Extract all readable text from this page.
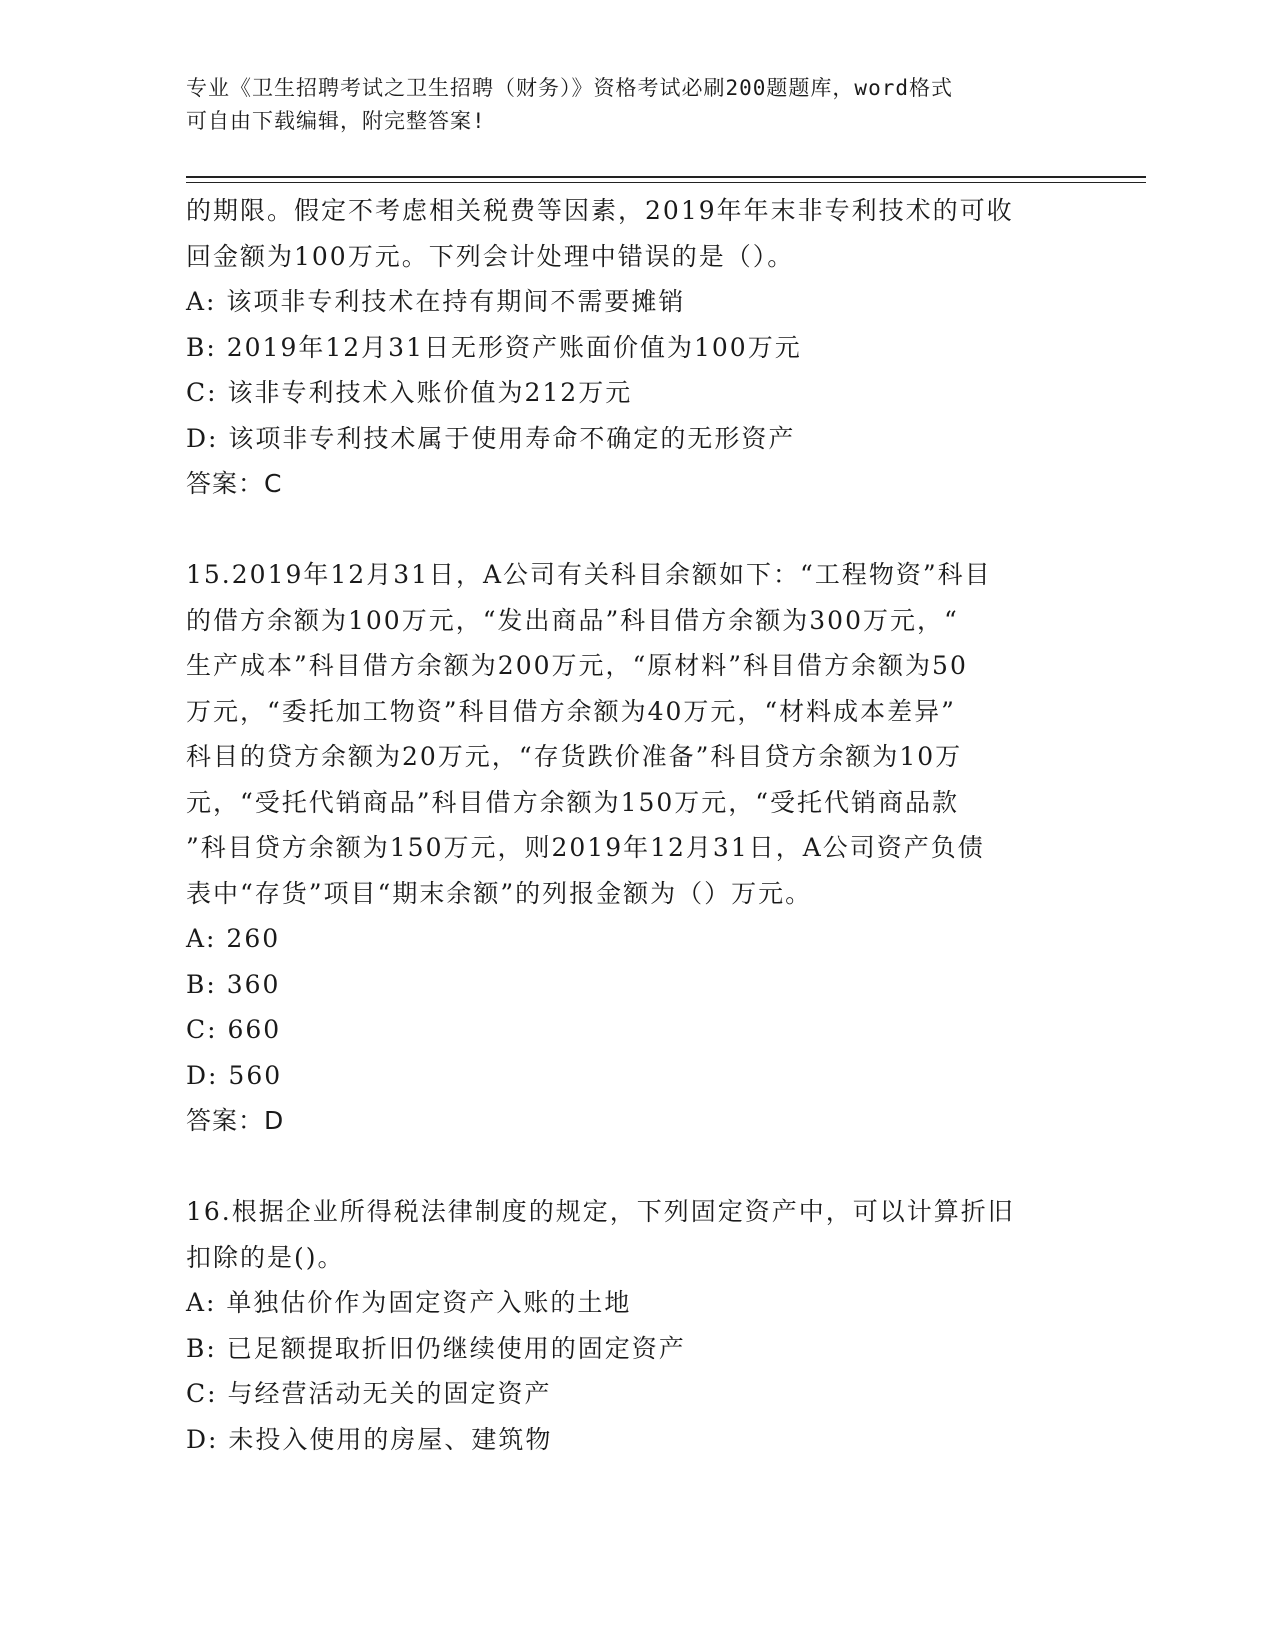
专业《卫生招聘考试之卫生招聘（财务）》资格考试必刷200题题库，word格式
可自由下载编辑，附完整答案!
的期限。假定不考虑相关税费等因素，2019年年末非专利技术的可收
回金额为100万元。下列会计处理中错误的是（）。
A: 该项非专利技术在持有期间不需要摊销
B: 2019年12月31日无形资产账面价值为100万元
C: 该非专利技术入账价值为212万元
D: 该项非专利技术属于使用寿命不确定的无形资产
答案：C
15.2019年12月31日，A公司有关科目余额如下：“工程物资”科目
的借方余额为100万元，“发出商品”科目借方余额为300万元，“
生产成本”科目借方余额为200万元，“原材料”科目借方余额为50
万元，“委托加工物资”科目借方余额为40万元，“材料成本差异”
科目的贷方余额为20万元，“存货跌价准备”科目贷方余额为10万
元，“受托代销商品”科目借方余额为150万元，“受托代销商品款
”科目贷方余额为150万元，则2019年12月31日，A公司资产负债
表中“存货”项目“期末余额”的列报金额为（）万元。
A: 260
B: 360
C: 660
D: 560
答案：D
16.根据企业所得税法律制度的规定，下列固定资产中，可以计算折旧
扣除的是()。
A: 单独估价作为固定资产入账的土地
B: 已足额提取折旧仍继续使用的固定资产
C: 与经营活动无关的固定资产
D: 未投入使用的房屋、建筑物
